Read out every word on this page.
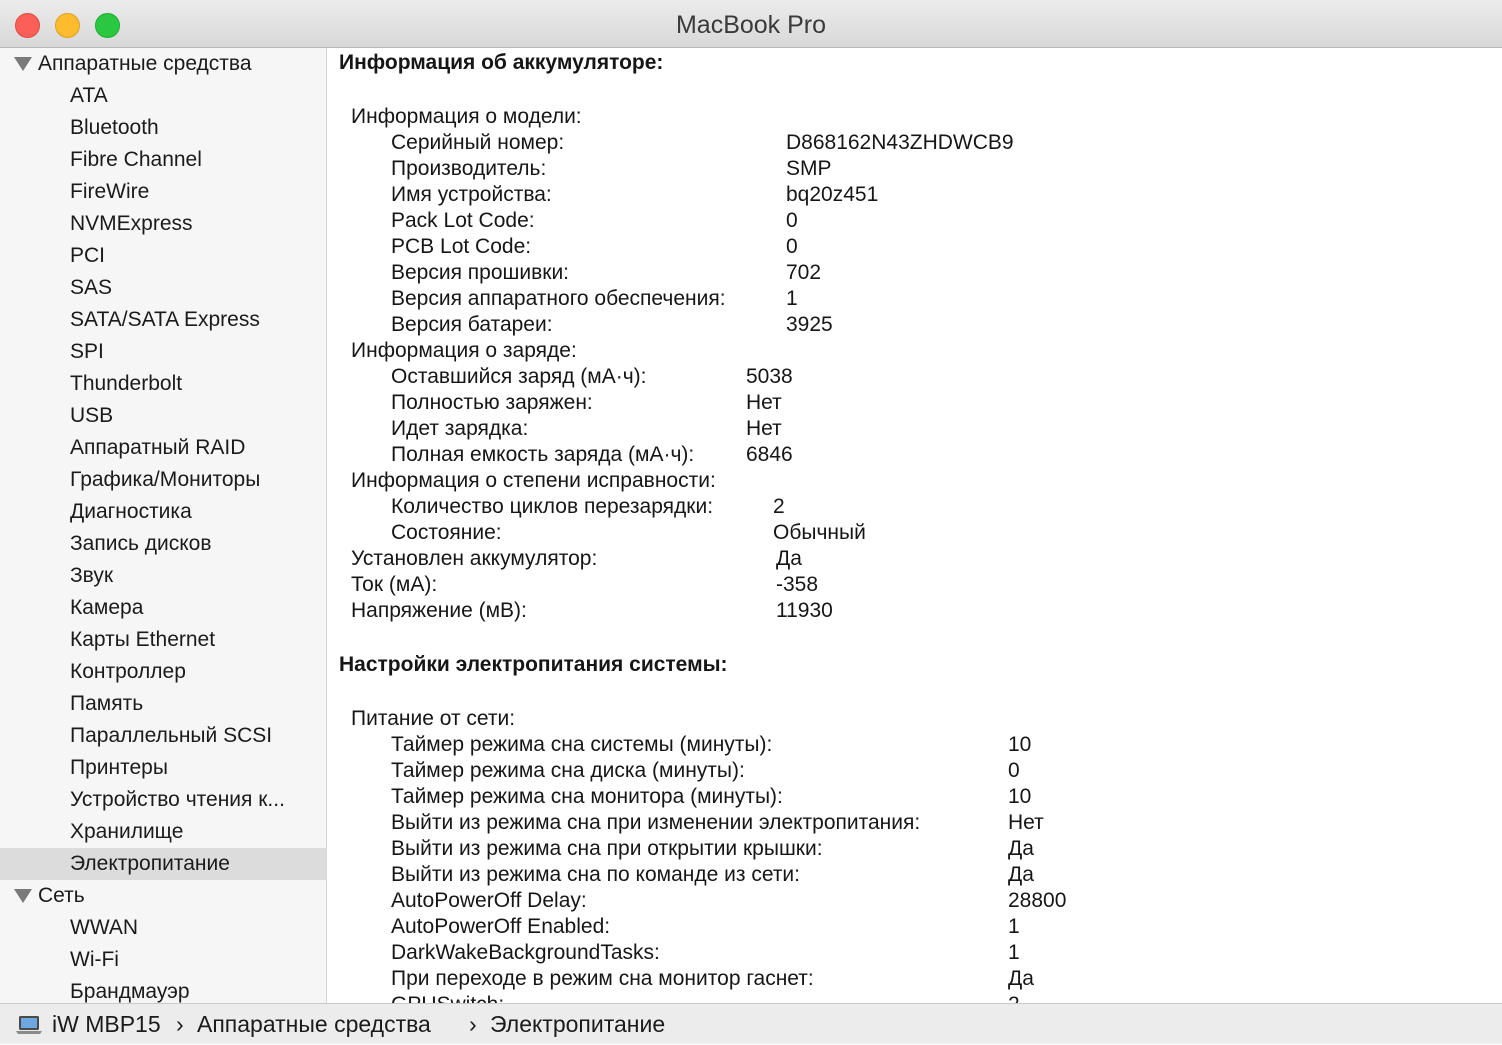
MacBook Pro
Аппаратные средства
ATA
Bluetooth
Fibre Channel
FireWire
NVMExpress
PCI
SAS
SATA/SATA Express
SPI
Thunderbolt
USB
Аппаратный RAID
Графика/Мониторы
Диагностика
Запись дисков
Звук
Камера
Карты Ethernet
Контроллер
Память
Параллельный SCSI
Принтеры
Устройство чтения к...
Хранилище
Электропитание
Сеть
WWAN
Wi-Fi
Брандмауэр
Информация об аккумуляторе:
Информация о модели:
Серийный номер:	D868162N43ZHDWCB9
Производитель:	SMP
Имя устройства:	bq20z451
Pack Lot Code:	0
PCB Lot Code:	0
Версия прошивки:	702
Версия аппаратного обеспечения:	1
Версия батареи:	3925
Информация о заряде:
Оставшийся заряд (мА·ч):	5038
Полностью заряжен:	Нет
Идет зарядка:	Нет
Полная емкость заряда (мА·ч): 6846
Информация о степени исправности:
Количество циклов перезарядки:	2
Состояние:	Обычный
Установлен аккумулятор:	Да
Ток (мА):	-358
Напряжение (мВ):	11930
Настройки электропитания системы:
Питание от сети:
Таймер режима сна системы (минуты):	10
Таймер режима сна диска (минуты):	0
Таймер режима сна монитора (минуты):	10
Выйти из режима сна при изменении электропитания:	Нет
Выйти из режима сна при открытии крышки:	Да
Выйти из режима сна по команде из сети:	Да
AutoPowerOff Delay:	28800
AutoPowerOff Enabled:	1
DarkWakeBackgroundTasks:	1
При переходе в режим сна монитор гаснет:	Да
iW MBP15 › Аппаратные средства › Электропитание
